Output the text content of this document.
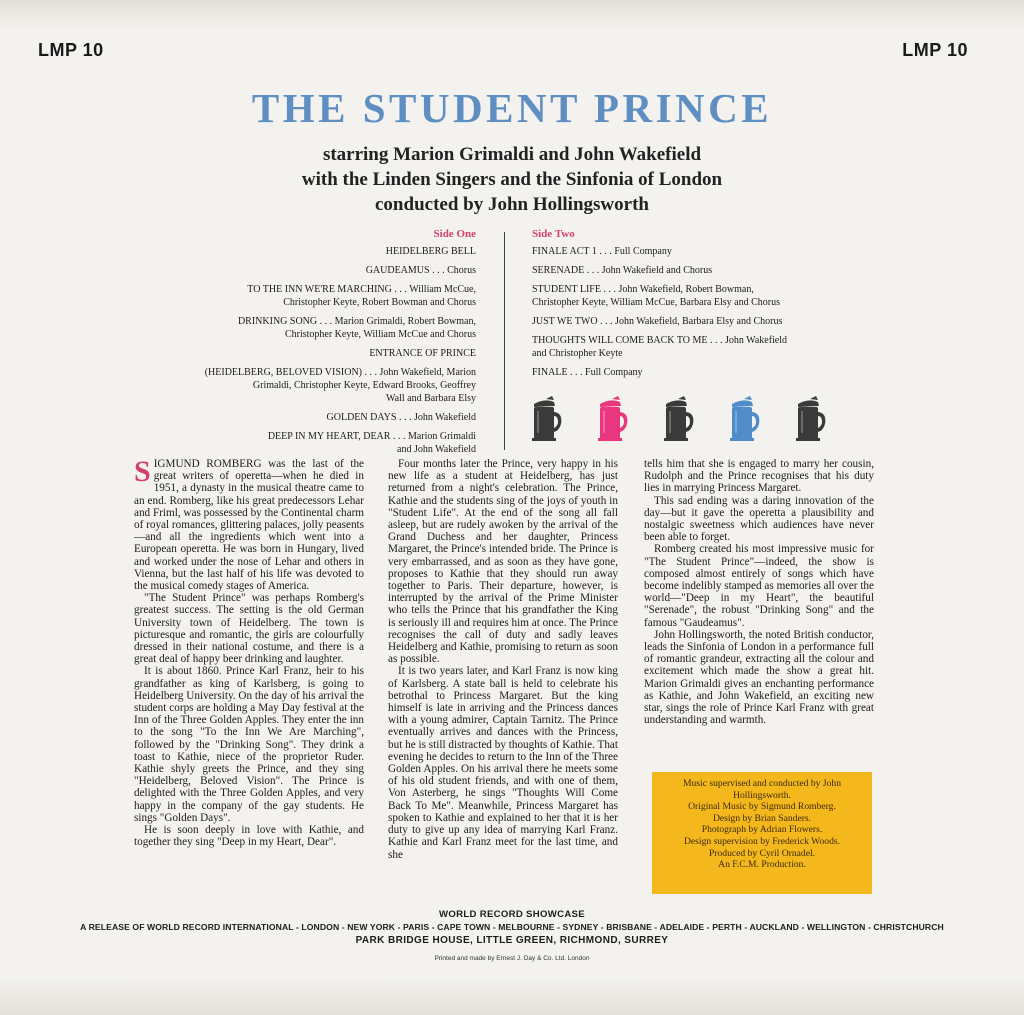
LMP 10	LMP 10
THE STUDENT PRINCE
starring Marion Grimaldi and John Wakefield
with the Linden Singers and the Sinfonia of London
conducted by John Hollingsworth
Side One
HEIDELBERG BELL
GAUDEAMUS . . . Chorus
TO THE INN WE'RE MARCHING . . . William McCue,
Christopher Keyte, Robert Bowman and Chorus
DRINKING SONG . . . Marion Grimaldi, Robert Bowman,
Christopher Keyte, William McCue and Chorus
ENTRANCE OF PRINCE
(HEIDELBERG, BELOVED VISION) . . . John Wakefield, Marion
Grimaldi, Christopher Keyte, Edward Brooks, Geoffrey
Wall and Barbara Elsy
GOLDEN DAYS . . . John Wakefield
DEEP IN MY HEART, DEAR . . . Marion Grimaldi
and John Wakefield
Side Two
FINALE ACT 1 . . . Full Company
SERENADE . . . John Wakefield and Chorus
STUDENT LIFE . . . John Wakefield, Robert Bowman,
Christopher Keyte, William McCue, Barbara Elsy and Chorus
JUST WE TWO . . . John Wakefield, Barbara Elsy and Chorus
THOUGHTS WILL COME BACK TO ME . . . John Wakefield
and Christopher Keyte
FINALE . . . Full Company

SIGMUND ROMBERG was the last of the great writers of operetta—when he died in 1951, a dynasty in the musical theatre came to an end. Romberg, like his great predecessors Lehar and Friml, was possessed by the Continental charm of royal romances, glittering palaces, jolly peasents—and all the ingredients which went into a European operetta. He was born in Hungary, lived and worked under the nose of Lehar and others in Vienna, but the last half of his life was devoted to the musical comedy stages of America.

"The Student Prince" was perhaps Romberg's greatest success. The setting is the old German University town of Heidelberg. The town is picturesque and romantic, the girls are colourfully dressed in their national costume, and there is a great deal of happy beer drinking and laughter.

It is about 1860. Prince Karl Franz, heir to his grandfather as king of Karlsberg, is going to Heidelberg University. On the day of his arrival the student corps are holding a May Day festival at the Inn of the Three Golden Apples. They enter the inn to the song "To the Inn We Are Marching", followed by the "Drinking Song". They drink a toast to Kathie, niece of the proprietor Ruder. Kathie shyly greets the Prince, and they sing "Heidelberg, Beloved Vision". The Prince is delighted with the Three Golden Apples, and very happy in the company of the gay students. He sings "Golden Days".

He is soon deeply in love with Kathie, and together they sing "Deep in my Heart, Dear".

Four months later the Prince, very happy in his new life as a student at Heidelberg, has just returned from a night's celebration. The Prince, Kathie and the students sing of the joys of youth in "Student Life". At the end of the song all fall asleep, but are rudely awoken by the arrival of the Grand Duchess and her daughter, Princess Margaret, the Prince's intended bride. The Prince is very embarrassed, and as soon as they have gone, proposes to Kathie that they should run away together to Paris. Their departure, however, is interrupted by the arrival of the Prime Minister who tells the Prince that his grandfather the King is seriously ill and requires him at once. The Prince recognises the call of duty and sadly leaves Heidelberg and Kathie, promising to return as soon as possible.

It is two years later, and Karl Franz is now king of Karlsberg. A state ball is held to celebrate his betrothal to Princess Margaret. But the king himself is late in arriving and the Princess dances with a young admirer, Captain Tarnitz. The Prince eventually arrives and dances with the Princess, but he is still distracted by thoughts of Kathie. That evening he decides to return to the Inn of the Three Golden Apples. On his arrival there he meets some of his old student friends, and with one of them, Von Asterberg, he sings "Thoughts Will Come Back To Me". Meanwhile, Princess Margaret has spoken to Kathie and explained to her that it is her duty to give up any idea of marrying Karl Franz. Kathie and Karl Franz meet for the last time, and she

tells him that she is engaged to marry her cousin, Rudolph and the Prince recognises that his duty lies in marrying Princess Margaret.

This sad ending was a daring innovation of the day—but it gave the operetta a plausibility and nostalgic sweetness which audiences have never been able to forget.

Romberg created his most impressive music for "The Student Prince"—indeed, the show is composed almost entirely of songs which have become indelibly stamped as memories all over the world—"Deep in my Heart", the beautiful "Serenade", the robust "Drinking Song" and the famous "Gaudeamus".

John Hollingsworth, the noted British conductor, leads the Sinfonia of London in a performance full of romantic grandeur, extracting all the colour and excitement which made the show a great hit. Marion Grimaldi gives an enchanting performance as Kathie, and John Wakefield, an exciting new star, sings the role of Prince Karl Franz with great understanding and warmth.

Music supervised and conducted by John Hollingsworth.
Original Music by Sigmund Romberg.
Design by Brian Sanders.
Photograph by Adrian Flowers.
Design supervision by Frederick Woods.
Produced by Cyril Ornadel.
An F.C.M. Production.
WORLD RECORD SHOWCASE
A RELEASE OF WORLD RECORD INTERNATIONAL - LONDON - NEW YORK - PARIS - CAPE TOWN - MELBOURNE - SYDNEY - BRISBANE - ADELAIDE - PERTH - AUCKLAND - WELLINGTON - CHRISTCHURCH
PARK BRIDGE HOUSE, LITTLE GREEN, RICHMOND, SURREY
Printed and made by Ernest J. Day & Co. Ltd. London
